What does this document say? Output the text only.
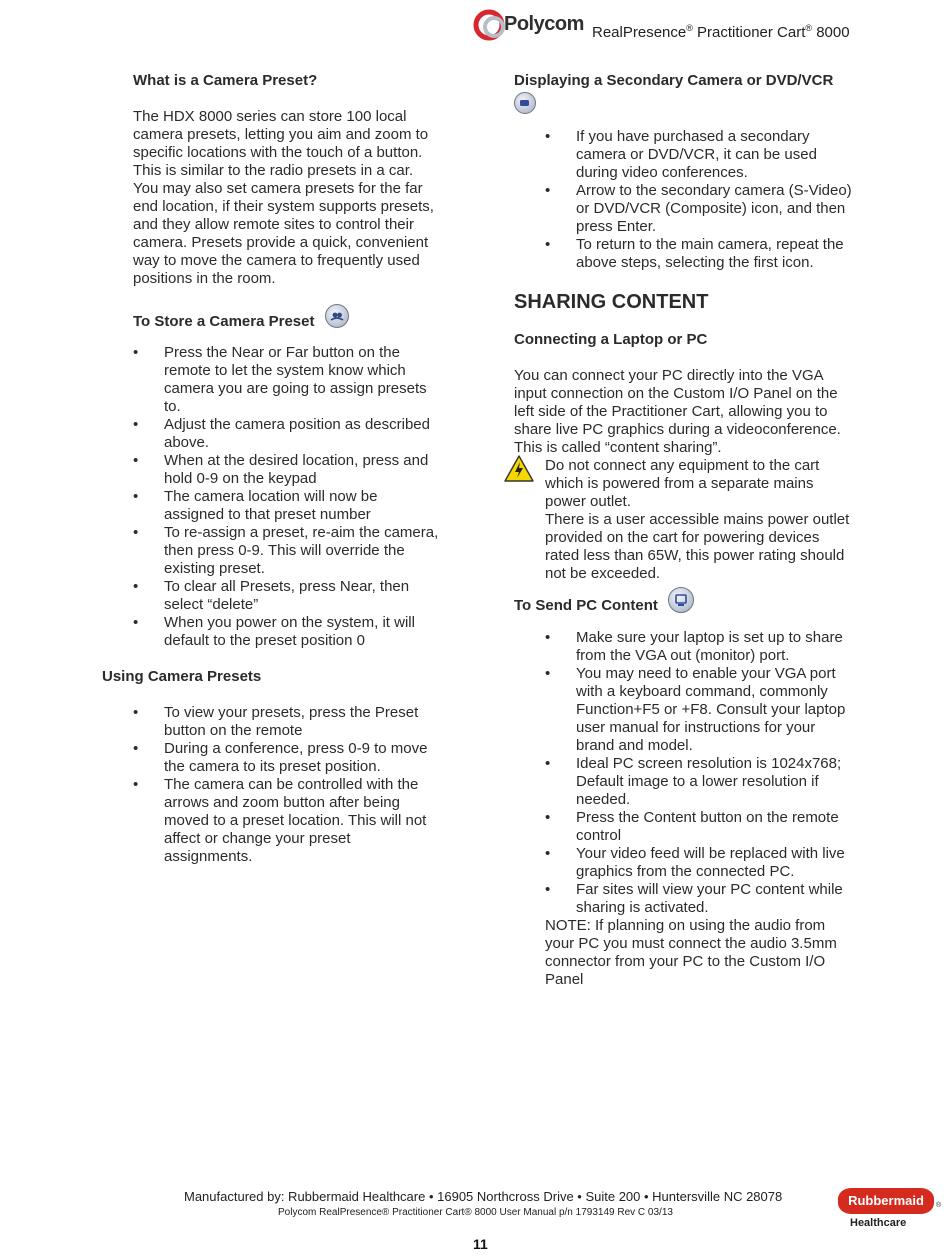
Polycom RealPresence® Practitioner Cart® 8000
What is a Camera Preset?

The HDX 8000 series can store 100 local
camera presets, letting you aim and zoom to
specific locations with the touch of a button.
This is similar to the radio presets in a car.
You may also set camera presets for the far
end location, if their system supports presets,
and they allow remote sites to control their
camera. Presets provide a quick, convenient
way to move the camera to frequently used
positions in the room.

To Store a Camera Preset
• Press the Near or Far button on the
remote to let the system know which
camera you are going to assign presets
to.
• Adjust the camera position as described
above.
• When at the desired location, press and
hold 0-9 on the keypad
• The camera location will now be
assigned to that preset number
• To re-assign a preset, re-aim the camera,
then press 0-9. This will override the
existing preset.
• To clear all Presets, press Near, then
select “delete”
• When you power on the system, it will
default to the preset position 0
Using Camera Presets
• To view your presets, press the Preset
button on the remote
• During a conference, press 0-9 to move
the camera to its preset position.
• The camera can be controlled with the
arrows and zoom button after being
moved to a preset location. This will not
affect or change your preset
assignments.
Displaying a Secondary Camera or DVD/VCR
• If you have purchased a secondary
camera or DVD/VCR, it can be used
during video conferences.
• Arrow to the secondary camera (S-Video)
or DVD/VCR (Composite) icon, and then
press Enter.
• To return to the main camera, repeat the
above steps, selecting the first icon.
SHARING CONTENT
Connecting a Laptop or PC

You can connect your PC directly into the VGA
input connection on the Custom I/O Panel on the
left side of the Practitioner Cart, allowing you to
share live PC graphics during a videoconference.
This is called “content sharing”.

Do not connect any equipment to the cart
which is powered from a separate mains
power outlet.
There is a user accessible mains power outlet
provided on the cart for powering devices
rated less than 65W, this power rating should
not be exceeded.
To Send PC Content
• Make sure your laptop is set up to share
from the VGA out (monitor) port.
• You may need to enable your VGA port
with a keyboard command, commonly
Function+F5 or +F8. Consult your laptop
user manual for instructions for your
brand and model.
• Ideal PC screen resolution is 1024x768;
Default image to a lower resolution if
needed.
• Press the Content button on the remote
control
• Your video feed will be replaced with live
graphics from the connected PC.
• Far sites will view your PC content while
sharing is activated.

NOTE: If planning on using the audio from
your PC you must connect the audio 3.5mm
connector from your PC to the Custom I/O
Panel

Manufactured by: Rubbermaid Healthcare • 16905 Northcross Drive • Suite 200 • Huntersville NC 28078
Polycom RealPresence® Practitioner Cart® 8000 User Manual p/n 1793149 Rev C 03/13
11
Rubbermaid	®
Healthcare
